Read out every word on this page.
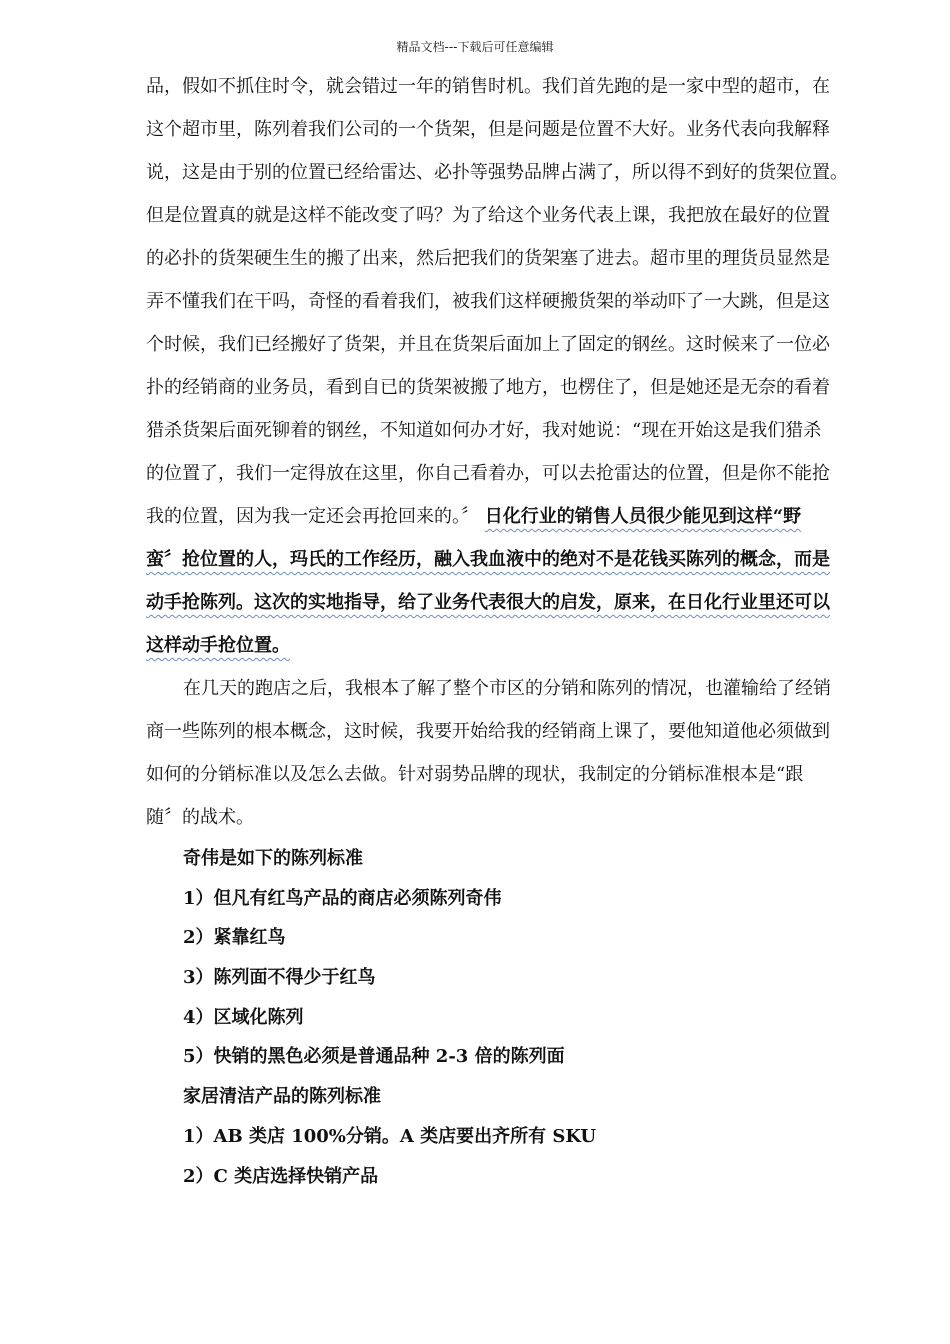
精品文档---下载后可任意编辑
品，假如不抓住时令，就会错过一年的销售时机。我们首先跑的是一家中型的超市，在
这个超市里，陈列着我们公司的一个货架，但是问题是位置不大好。业务代表向我解释
说，这是由于别的位置已经给雷达、必扑等强势品牌占满了，所以得不到好的货架位置。
但是位置真的就是这样不能改变了吗？为了给这个业务代表上课，我把放在最好的位置
的必扑的货架硬生生的搬了出来，然后把我们的货架塞了进去。超市里的理货员显然是
弄不懂我们在干吗，奇怪的看着我们，被我们这样硬搬货架的举动吓了一大跳，但是这
个时候，我们已经搬好了货架，并且在货架后面加上了固定的钢丝。这时候来了一位必
扑的经销商的业务员，看到自已的货架被搬了地方，也楞住了，但是她还是无奈的看着
猎杀货架后面死铆着的钢丝，不知道如何办才好，我对她说：“现在开始这是我们猎杀
的位置了，我们一定得放在这里，你自己看着办，可以去抢雷达的位置，但是你不能抢
我的位置，因为我一定还会再抢回来的。〞 日化行业的销售人员很少能见到这样“野
蛮〞抢位置的人，玛氏的工作经历，融入我血液中的绝对不是花钱买陈列的概念，而是
动手抢陈列。这次的实地指导，给了业务代表很大的启发，原来，在日化行业里还可以
这样动手抢位置。
在几天的跑店之后，我根本了解了整个市区的分销和陈列的情况，也灌输给了经销
商一些陈列的根本概念，这时候，我要开始给我的经销商上课了，要他知道他必须做到
如何的分销标准以及怎么去做。针对弱势品牌的现状，我制定的分销标准根本是“跟
随〞的战术。
奇伟是如下的陈列标准
1）但凡有红鸟产品的商店必须陈列奇伟
2）紧靠红鸟
3）陈列面不得少于红鸟
4）区域化陈列
5）快销的黑色必须是普通品种 2-3 倍的陈列面
家居清洁产品的陈列标准
1）AB 类店 100%分销。A 类店要出齐所有 SKU
2）C 类店选择快销产品
